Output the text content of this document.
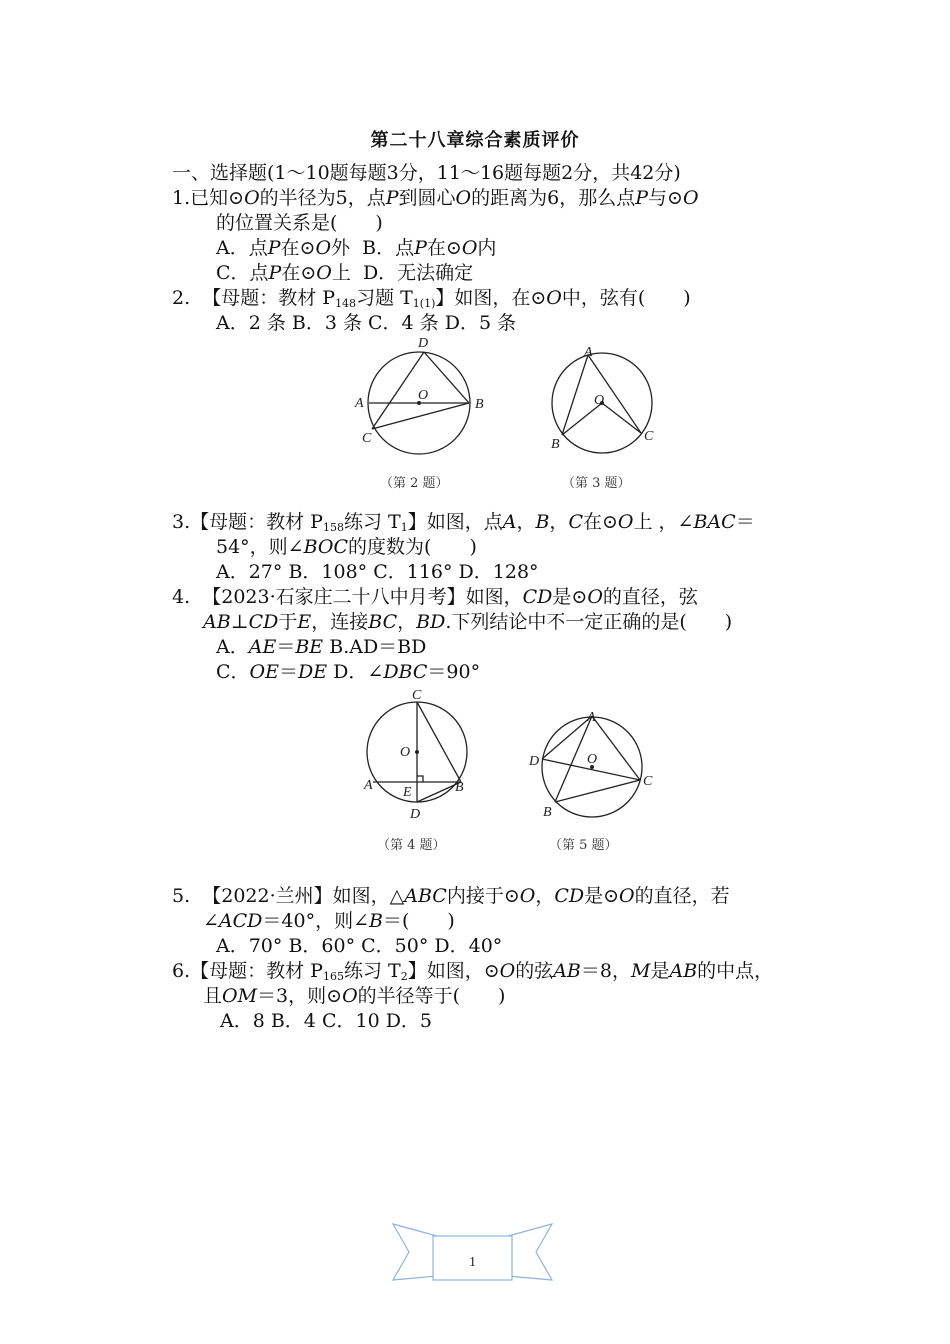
第二十八章综合素质评价
一、选择题(1～10题每题3分，11～16题每题2分，共42分)
1.已知⊙O的半径为5，点P到圆心O的距离为6，那么点P与⊙O
的位置关系是(　　)
A．点P在⊙O外 B．点P在⊙O内
C．点P在⊙O上 D．无法确定
2. 【母题：教材 $P_{148}$习题 $T_{1(1)}$】如图，在⊙O中，弦有(　　)
A．2 条 B．3 条 C．4 条 D．5 条
D
A
O
B
C
A
O
B
C
（第 2 题）	（第 3 题）
3.【母题：教材 $P_{158}$练习 $T_1$】如图，点A，B，C在⊙O上 ，∠BAC＝
54°，则∠BOC的度数为(　　)
A．27° B．108° C．116° D．128°
4. 【2023·石家庄二十八中月考】如图，CD是⊙O的直径，弦
AB⊥CD于E，连接BC，BD.下列结论中不一定正确的是(　　)
A．AE＝BE B.AD＝BD
C．OE＝DE D．∠DBC＝90°
C
O
A E	B
D
A
D	O
C
B
（第 4 题）	（第 5 题）
5. 【2022·兰州】如图，△ABC内接于⊙O，CD是⊙O的直径，若
∠ACD＝40°，则∠B＝(　　)
A．70° B．60° C．50° D．40°
6.【母题：教材 $P_{165}$练习 $T_2$】如图，⊙O的弦AB＝8，M是AB的中点，
且OM＝3，则⊙O的半径等于(　　)
A．8 B．4 C．10 D．5
1
